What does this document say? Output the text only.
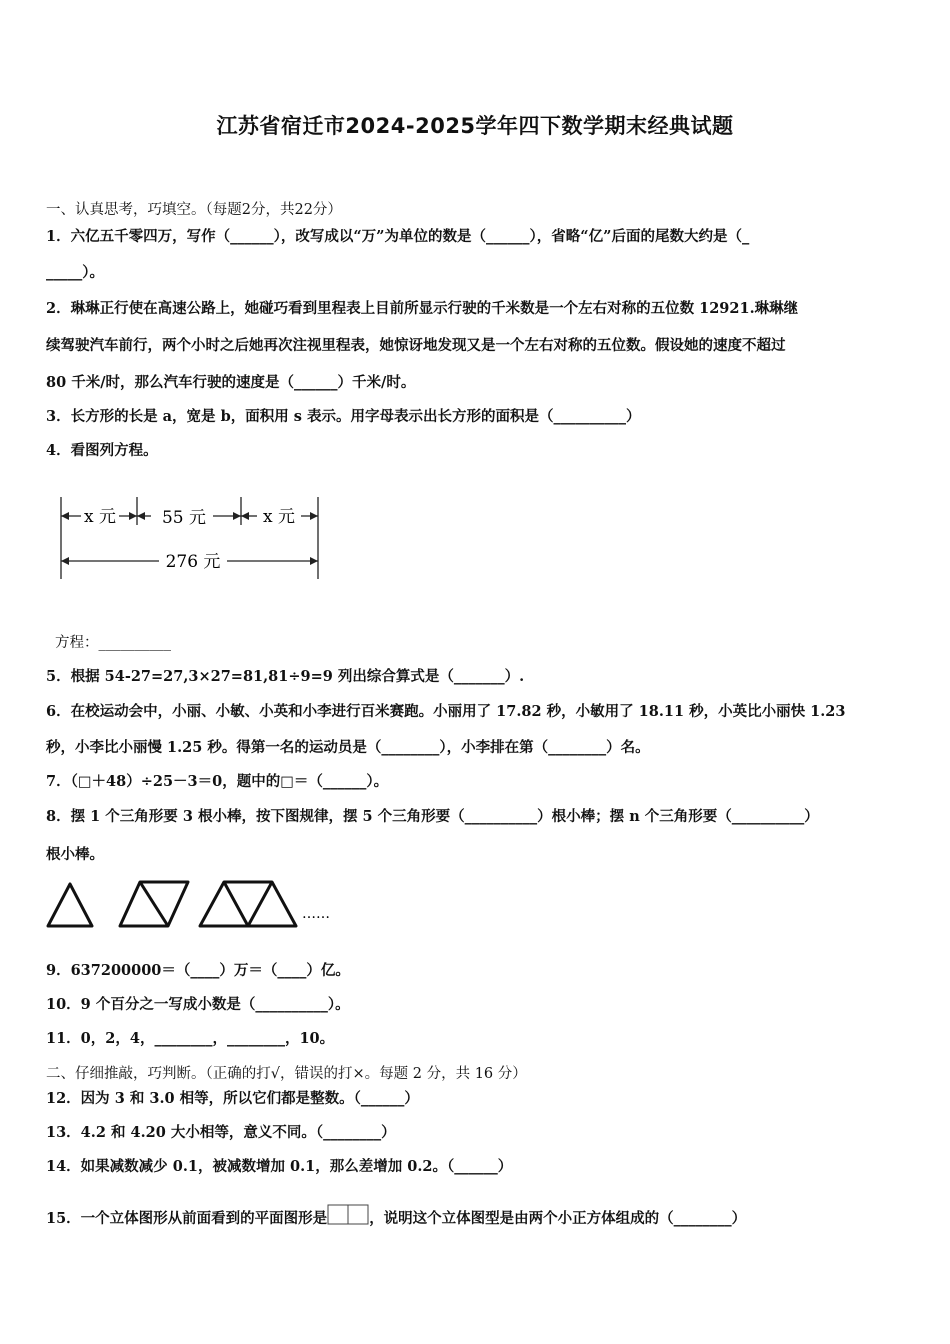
江苏省宿迁市2024-2025学年四下数学期末经典试题
一、认真思考，巧填空。（每题2分，共22分）
1．六亿五千零四万，写作（______），改写成以“万”为单位的数是（______），省略“亿”后面的尾数大约是（_
_____）。
2．琳琳正行使在高速公路上，她碰巧看到里程表上目前所显示行驶的千米数是一个左右对称的五位数 12921.琳琳继
续驾驶汽车前行，两个小时之后她再次注视里程表，她惊讶地发现又是一个左右对称的五位数。假设她的速度不超过
80 千米/时，那么汽车行驶的速度是（______）千米/时。
3．长方形的长是 a，宽是 b，面积用 s 表示。用字母表示出长方形的面积是（__________）
4．看图列方程。
x 元	55 元	x 元
276 元
方程：__________
5．根据 54-27=27,3×27=81,81÷9=9 列出综合算式是（_______）.
6．在校运动会中，小丽、小敏、小英和小李进行百米赛跑。小丽用了 17.82 秒，小敏用了 18.11 秒，小英比小丽快 1.23
秒，小李比小丽慢 1.25 秒。得第一名的运动员是（________），小李排在第（________）名。
7．（□＋48）÷25－3＝0，题中的□＝（______）。
8．摆 1 个三角形要 3 根小棒，按下图规律，摆 5 个三角形要（__________）根小棒；摆 n 个三角形要（__________）
根小棒。
……
9．637200000＝（____）万＝（____）亿。
10．9 个百分之一写成小数是（__________）。
11．0，2，4，________，________，10。
二、仔细推敲，巧判断。（正确的打√，错误的打×。每题 2 分，共 16 分）
12．因为 3 和 3.0 相等，所以它们都是整数。（______）
13．4.2 和 4.20 大小相等，意义不同。（________）
14．如果减数减少 0.1，被减数增加 0.1，那么差增加 0.2。（______）
15．一个立体图形从前面看到的平面图形是	，说明这个立体图型是由两个小正方体组成的（________）
